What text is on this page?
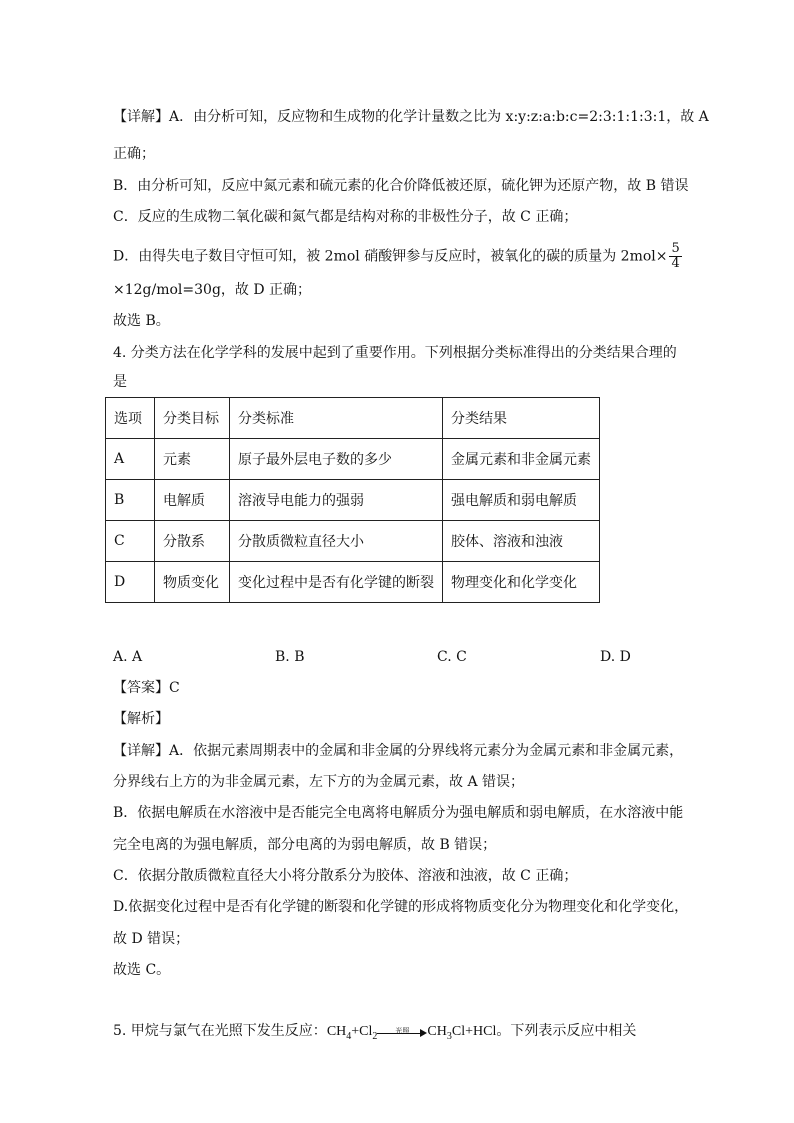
【详解】A．由分析可知，反应物和生成物的化学计量数之比为 x:y:z:a:b:c=2:3:1:1:3:1，故 A
正确；
B．由分析可知，反应中氮元素和硫元素的化合价降低被还原，硫化钾为还原产物，故 B 错误
C．反应的生成物二氧化碳和氮气都是结构对称的非极性分子，故 C 正确；
D．由得失电子数目守恒可知，被 2mol 硝酸钾参与反应时，被氧化的碳的质量为 $2mol\times \frac{5}{4}$
×12g/mol=30g，故 D 正确；
故选 B。
4. 分类方法在化学学科的发展中起到了重要作用。下列根据分类标准得出的分类结果合理的
是
选项	分类目标	分类标准	分类结果
A	元素	原子最外层电子数的多少	金属元素和非金属元素
B	电解质	溶液导电能力的强弱	强电解质和弱电解质
C	分散系	分散质微粒直径大小	胶体、溶液和浊液
D	物质变化	变化过程中是否有化学键的断裂	物理变化和化学变化
A. A	B. B	C. C	D. D
【答案】C
【解析】
【详解】A．依据元素周期表中的金属和非金属的分界线将元素分为金属元素和非金属元素，
分界线右上方的为非金属元素，左下方的为金属元素，故 A 错误；
B．依据电解质在水溶液中是否能完全电离将电解质分为强电解质和弱电解质，在水溶液中能
完全电离的为强电解质，部分电离的为弱电解质，故 B 错误；
C．依据分散质微粒直径大小将分散系分为胶体、溶液和浊液，故 C 正确；
D.依据变化过程中是否有化学键的断裂和化学键的形成将物质变化分为物理变化和化学变化，
故 D 错误；
故选 C。
5. 甲烷与氯气在光照下发生反应：$CH_4+Cl_2$
光照	$CH_3Cl+HCl$。下列表示反应中相关
